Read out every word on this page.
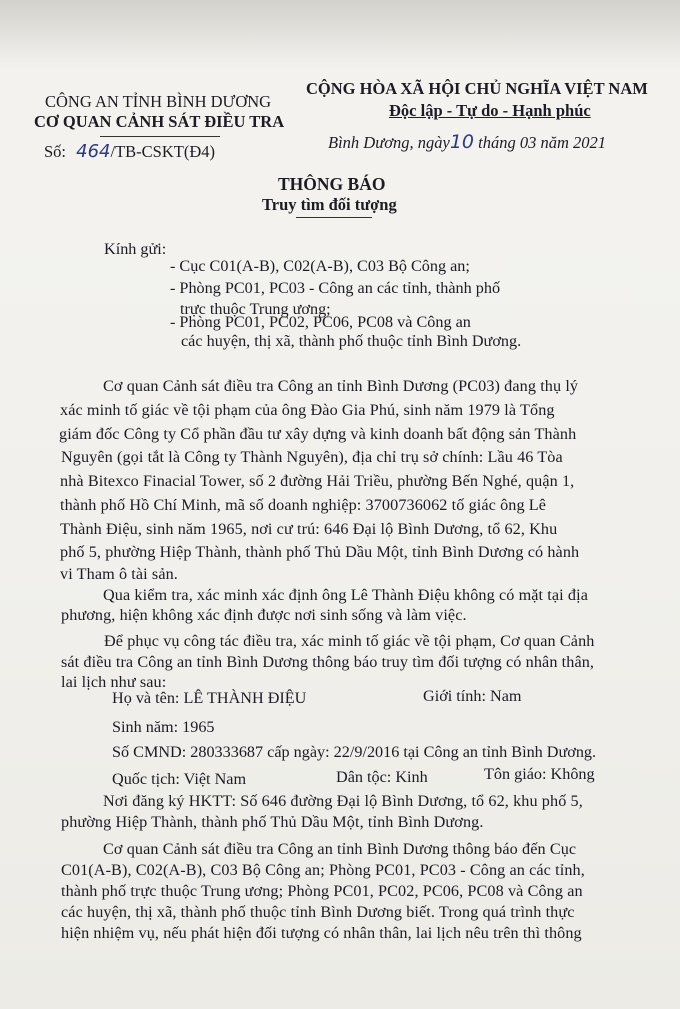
CÔNG AN TỈNH BÌNH DƯƠNG
CƠ QUAN CẢNH SÁT ĐIỀU TRA
Số: 464/TB-CSKT(Đ4)
CỘNG HÒA XÃ HỘI CHỦ NGHĨA VIỆT NAM
Độc lập - Tự do - Hạnh phúc
Bình Dương, ngày10 tháng 03 năm 2021
THÔNG BÁO
Truy tìm đối tượng
Kính gửi:
- Cục C01(A-B), C02(A-B), C03 Bộ Công an;
- Phòng PC01, PC03 - Công an các tỉnh, thành phố
trực thuộc Trung ương;
- Phòng PC01, PC02, PC06, PC08 và Công an
các huyện, thị xã, thành phố thuộc tỉnh Bình Dương.
Cơ quan Cảnh sát điều tra Công an tỉnh Bình Dương (PC03) đang thụ lý
xác minh tố giác về tội phạm của ông Đào Gia Phú, sinh năm 1979 là Tổng
giám đốc Công ty Cổ phần đầu tư xây dựng và kinh doanh bất động sản Thành
Nguyên (gọi tắt là Công ty Thành Nguyên), địa chỉ trụ sở chính: Lầu 46 Tòa
nhà Bitexco Finacial Tower, số 2 đường Hải Triều, phường Bến Nghé, quận 1,
thành phố Hồ Chí Minh, mã số doanh nghiệp: 3700736062 tố giác ông Lê
Thành Điệu, sinh năm 1965, nơi cư trú: 646 Đại lộ Bình Dương, tổ 62, Khu
phố 5, phường Hiệp Thành, thành phố Thủ Dầu Một, tỉnh Bình Dương có hành
vi Tham ô tài sản.
Qua kiểm tra, xác minh xác định ông Lê Thành Điệu không có mặt tại địa
phương, hiện không xác định được nơi sinh sống và làm việc.
Để phục vụ công tác điều tra, xác minh tố giác về tội phạm, Cơ quan Cảnh
sát điều tra Công an tỉnh Bình Dương thông báo truy tìm đối tượng có nhân thân,
lai lịch như sau:
Họ và tên: LÊ THÀNH ĐIỆU	Giới tính: Nam
Sinh năm: 1965
Số CMND: 280333687 cấp ngày: 22/9/2016 tại Công an tỉnh Bình Dương.
Quốc tịch: Việt Nam	Dân tộc: Kinh	Tôn giáo: Không
Nơi đăng ký HKTT: Số 646 đường Đại lộ Bình Dương, tổ 62, khu phố 5,
phường Hiệp Thành, thành phố Thủ Dầu Một, tỉnh Bình Dương.
Cơ quan Cảnh sát điều tra Công an tỉnh Bình Dương thông báo đến Cục
C01(A-B), C02(A-B), C03 Bộ Công an; Phòng PC01, PC03 - Công an các tỉnh,
thành phố trực thuộc Trung ương; Phòng PC01, PC02, PC06, PC08 và Công an
các huyện, thị xã, thành phố thuộc tỉnh Bình Dương biết. Trong quá trình thực
hiện nhiệm vụ, nếu phát hiện đối tượng có nhân thân, lai lịch nêu trên thì thông
